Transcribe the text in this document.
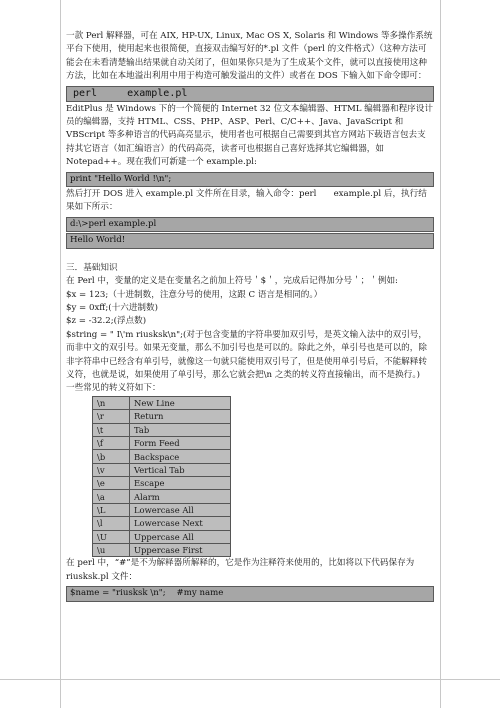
一款 Perl 解释器，可在 AIX, HP-UX, Linux, Mac OS X, Solaris 和 Windows 等多操作系统平台下使用，使用起来也很简便，直接双击编写好的*.pl 文件（perl 的文件格式）（这种方法可能会在未看清楚输出结果就自动关闭了，但如果你只是为了生成某个文件，就可以直接使用这种方法，比如在本地溢出利用中用于构造可触发溢出的文件）或者在 DOS 下输入如下命令即可：

perl     example.pl

EditPlus 是 Windows 下的一个简便的 Internet 32 位文本编辑器、HTML 编辑器和程序设计员的编辑器，支持 HTML、CSS、PHP、ASP、Perl、C/C++、Java、JavaScript 和 VBScript 等多种语言的代码高亮显示，使用者也可根据自己需要到其官方网站下载语言包去支持其它语言（如汇编语言）的代码高亮，读者可也根据自己喜好选择其它编辑器，如 Notepad++。现在我们可新建一个 example.pl:

print "Hello World !\n";

然后打开 DOS 进入 example.pl 文件所在目录，输入命令：perl　　example.pl 后，执行结果如下所示：

d:\>perl example.pl
Hello World!

三．基础知识

在 Perl 中，变量的定义是在变量名之前加上符号＇$＇，完成后记得加分号＇；＇例如:

$x = 123;（十进制数，注意分号的使用，这跟 C 语言是相同的。）

$y = 0xff;(十六进制数)

$z = -32.2;(浮点数)

$string = " I\'m riusksk\n";(对于包含变量的字符串要加双引号，是英文输入法中的双引号，而非中文的双引号。如果无变量，那么不加引号也是可以的。除此之外，单引号也是可以的，除非字符串中已经含有单引号，就像这一句就只能使用双引号了，但是使用单引号后，不能解释转义符，也就是说，如果使用了单引号，那么它就会把\n 之类的转义符直接输出，而不是换行。)

一些常见的转义符如下：

\n	New Line
\r	Return
\t	Tab
\f	Form Feed
\b	Backspace
\v	Vertical Tab
\e	Escape
\a	Alarm
\L	Lowercase All
\l	Lowercase Next
\U	Uppercase All
\u	Uppercase First

在 perl 中，“#”是不为解释器所解释的，它是作为注释符来使用的，比如将以下代码保存为 riusksk.pl 文件：

$name = "riusksk \n";    #my name
